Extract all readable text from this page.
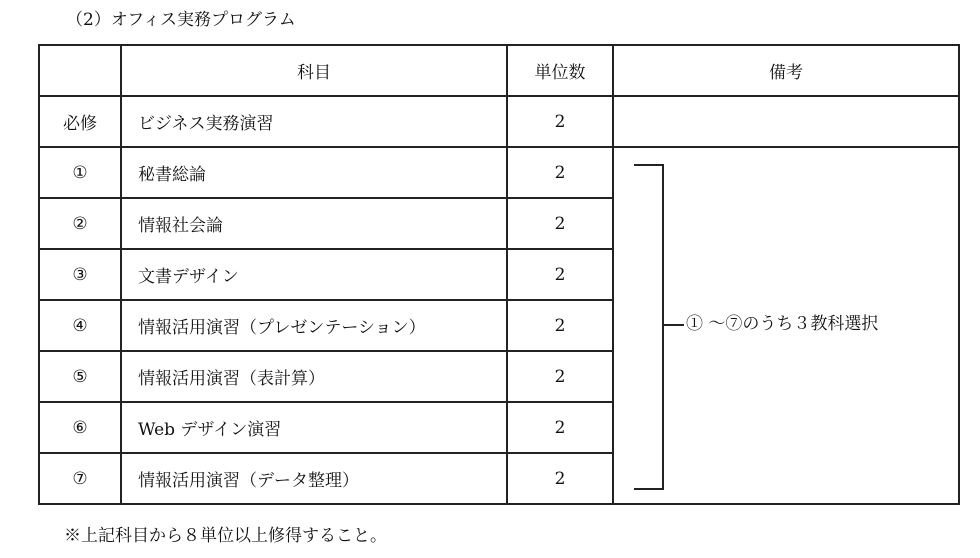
（2）オフィス実務プログラム
	科目	単位数	備考
必修	ビジネス実務演習	2	
①	秘書総論	2	① ～⑦のうち３教科選択

②	情報社会論	2	
③	文書デザイン	2	
④	情報活用演習（プレゼンテーション）	2	
⑤	情報活用演習（表計算）	2	
⑥	Web デザイン演習	2	
⑦	情報活用演習（データ整理）	2	
※上記科目から８単位以上修得すること。
